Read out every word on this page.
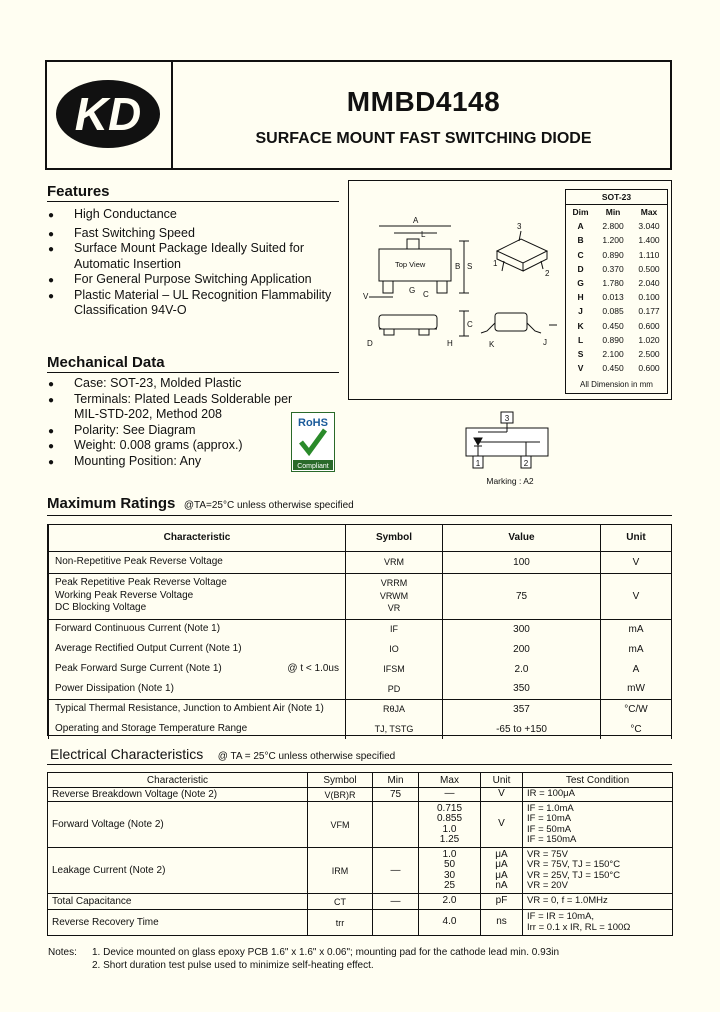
KD	MMBD4148
SURFACE MOUNT FAST SWITCHING DIODE
Features
● High Conductance
● Fast Switching Speed
● Surface Mount Package Ideally Suited for Automatic Insertion
● For General Purpose Switching Application
● Plastic Material – UL Recognition Flammability Classification 94V-O
Mechanical Data
● Case: SOT-23, Molded Plastic
● Terminals: Plated Leads Solderable per MIL-STD-202, Method 208
● Polarity: See Diagram
● Weight: 0.008 grams (approx.)
● Mounting Position: Any
RoHS
Compliant
A
L
B S
C
G
V
C
D	K	J
H
1
2
3
Top View
SOT-23
Dim	Min	Max
A	2.800	3.040
B	1.200	1.400
C	0.890	1.110
D	0.370	0.500
G	1.780	2.040
H	0.013	0.100
J	0.085	0.177
K	0.450	0.600
L	0.890	1.020
S	2.100	2.500
V	0.450	0.600
All Dimension in mm
3
1	2
Marking : A2
Maximum Ratings @TA=25°C unless otherwise specified
Characteristic	Symbol	Value	Unit
Non-Repetitive Peak Reverse Voltage	VRM	100	V
Peak Repetitive Peak Reverse Voltage
Working Peak Reverse Voltage
DC Blocking Voltage	VRRM
VRWM
VR	75	V
Forward Continuous Current (Note 1)	IF	300	mA
Average Rectified Output Current (Note 1)	IO	200	mA
Peak Forward Surge Current (Note 1) @ t < 1.0us	IFSM	2.0	A
Power Dissipation (Note 1)	PD	350	mW
Typical Thermal Resistance, Junction to Ambient Air (Note 1)	RθJA	357	°C/W
Operating and Storage Temperature Range	TJ, TSTG	-65 to +150	°C
Electrical Characteristics @ TA = 25°C unless otherwise specified
Characteristic	Symbol	Min	Max	Unit	Test Condition
Reverse Breakdown Voltage (Note 2)	V(BR)R	75	—	V	IR = 100μA
Forward Voltage (Note 2)	VFM		0.715
0.855
1.0
1.25	V	IF = 1.0mA
IF = 10mA
IF = 50mA
IF = 150mA
Leakage Current (Note 2)	IRM	—	1.0
50
30
25	μA
μA
μA
nA	VR = 75V
VR = 75V, TJ = 150°C
VR = 25V, TJ = 150°C
VR = 20V
Total Capacitance	CT	—	2.0	pF	VR = 0, f = 1.0MHz
Reverse Recovery Time	trr		4.0	ns	IF = IR = 10mA,
Irr = 0.1 x IR, RL = 100Ω
Notes: 1. Device mounted on glass epoxy PCB 1.6" x 1.6" x 0.06"; mounting pad for the cathode lead min. 0.93in
2. Short duration test pulse used to minimize self-heating effect.
